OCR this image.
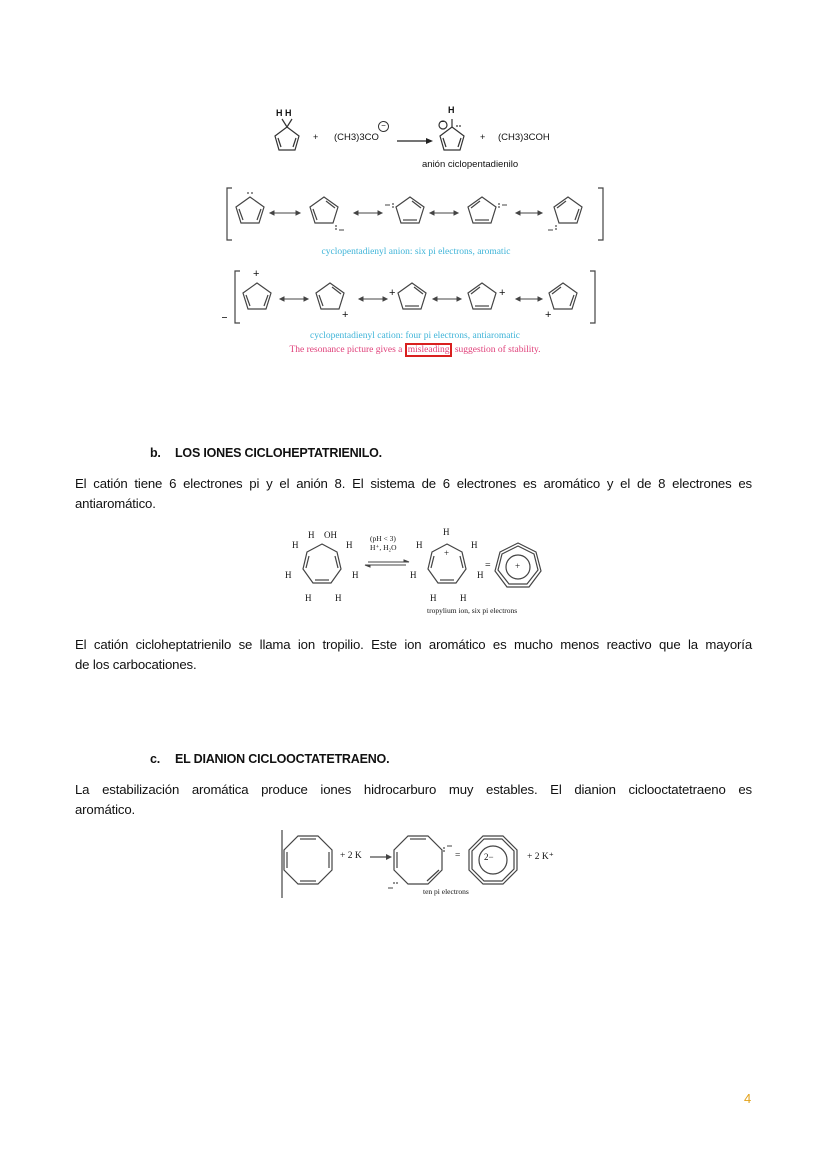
H H
+ (CH3)3CO
−
H
−
+ (CH3)3COH
anión ciclopentadienilo
cyclopentadienyl anion: six pi electrons, aromatic
+
+
+	+
+
cyclopentadienyl cation: four pi electrons, antiaromatic
The resonance picture gives a misleading suggestion of stability.
b. LOS IONES CICLOHEPTATRIENILO.
El catión tiene 6 electrones pi y el anión 8. El sistema de 6 electrones es aromático y el de 8 electrones es
antiaromático.
H OH
H	H
H	H
H	H
(pH < 3)
H⁺, H₂O
H
H	H
H	H
H	H
+
=	+
tropylium ion, six pi electrons
El catión cicloheptatrienilo se llama ion tropilio. Este ion aromático es mucho menos reactivo que la mayoría
de los carbocationes.
c. EL DIANION CICLOOCTATETRAENO.
La estabilización aromática produce iones hidrocarburo muy estables. El dianion ciclooctatetraeno es
aromático.
+ 2 K	=	2−	+ 2 K⁺
ten pi electrons
4
